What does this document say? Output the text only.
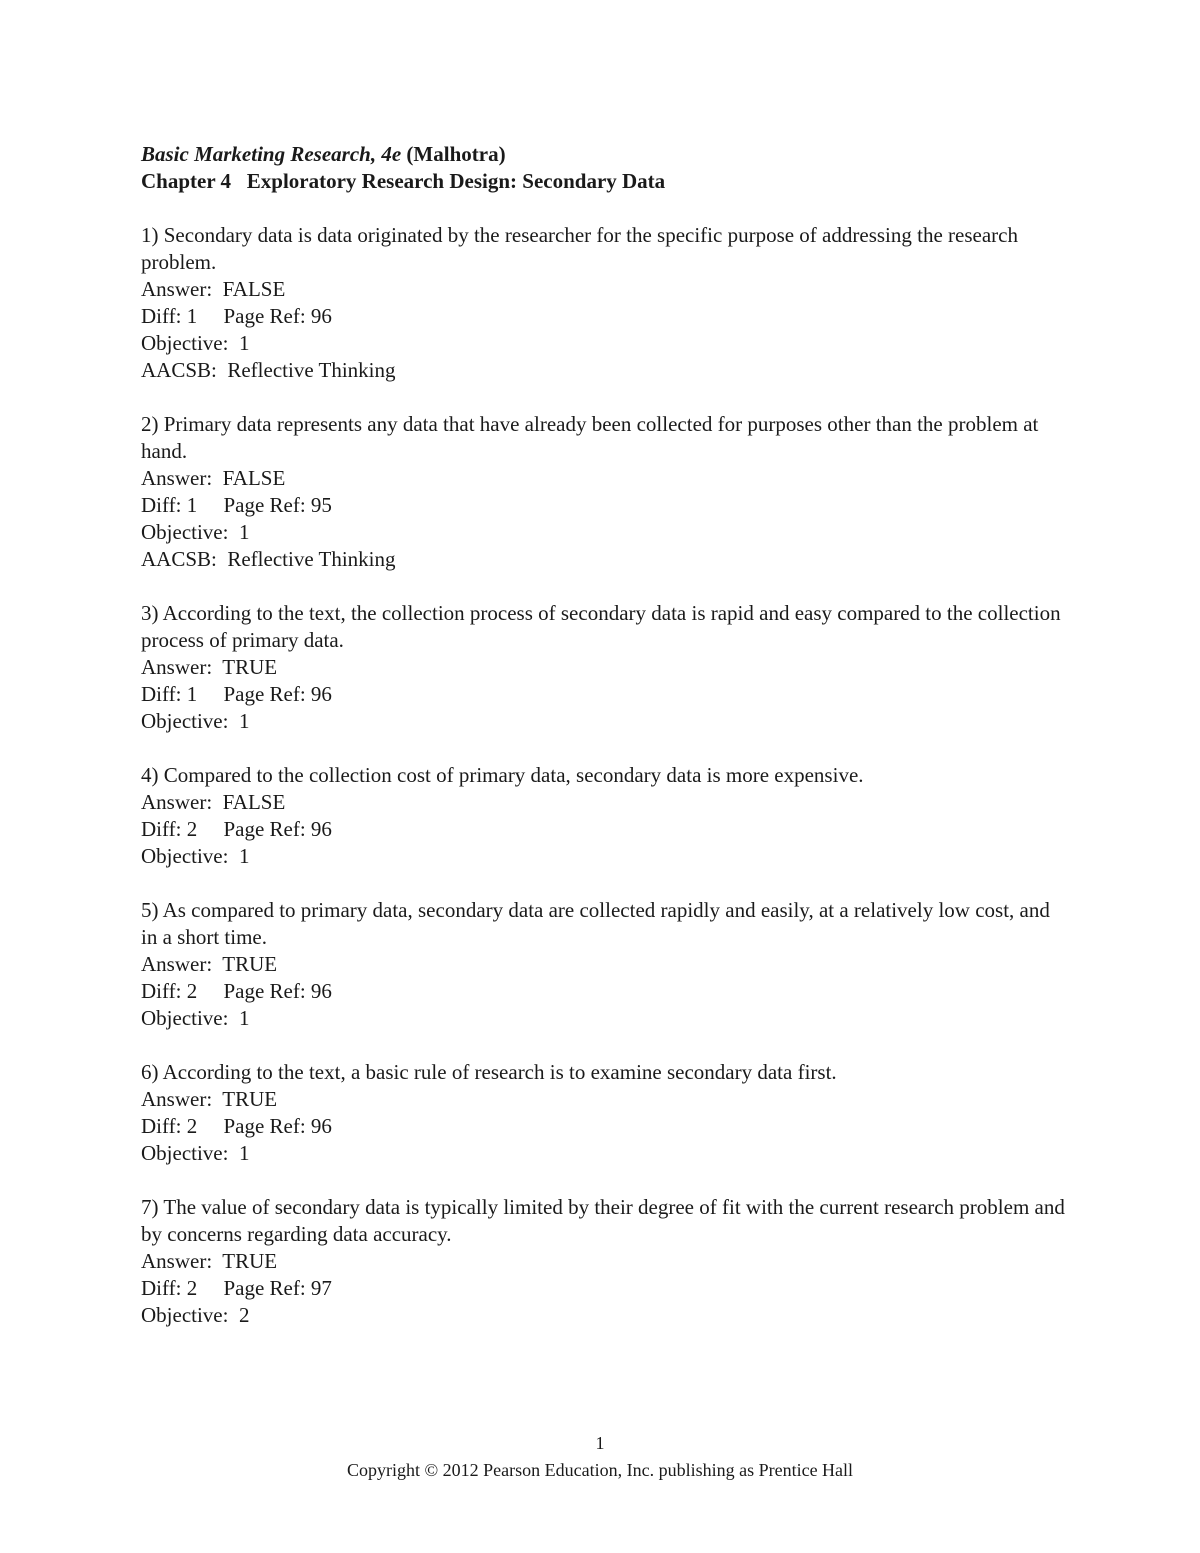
Basic Marketing Research, 4e (Malhotra)

Chapter 4   Exploratory Research Design: Secondary Data

1) Secondary data is data originated by the researcher for the specific purpose of addressing the research problem.

Answer:  FALSE

Diff: 1     Page Ref: 96

Objective:  1

AACSB:  Reflective Thinking

2) Primary data represents any data that have already been collected for purposes other than the problem at hand.

Answer:  FALSE

Diff: 1     Page Ref: 95

Objective:  1

AACSB:  Reflective Thinking

3) According to the text, the collection process of secondary data is rapid and easy compared to the collection process of primary data.

Answer:  TRUE

Diff: 1     Page Ref: 96

Objective:  1

4) Compared to the collection cost of primary data, secondary data is more expensive.

Answer:  FALSE

Diff: 2     Page Ref: 96

Objective:  1

5) As compared to primary data, secondary data are collected rapidly and easily, at a relatively low cost, and in a short time.

Answer:  TRUE

Diff: 2     Page Ref: 96

Objective:  1

6) According to the text, a basic rule of research is to examine secondary data first.

Answer:  TRUE

Diff: 2     Page Ref: 96

Objective:  1

7) The value of secondary data is typically limited by their degree of fit with the current research problem and by concerns regarding data accuracy.

Answer:  TRUE

Diff: 2     Page Ref: 97

Objective:  2

1
Copyright © 2012 Pearson Education, Inc. publishing as Prentice Hall
